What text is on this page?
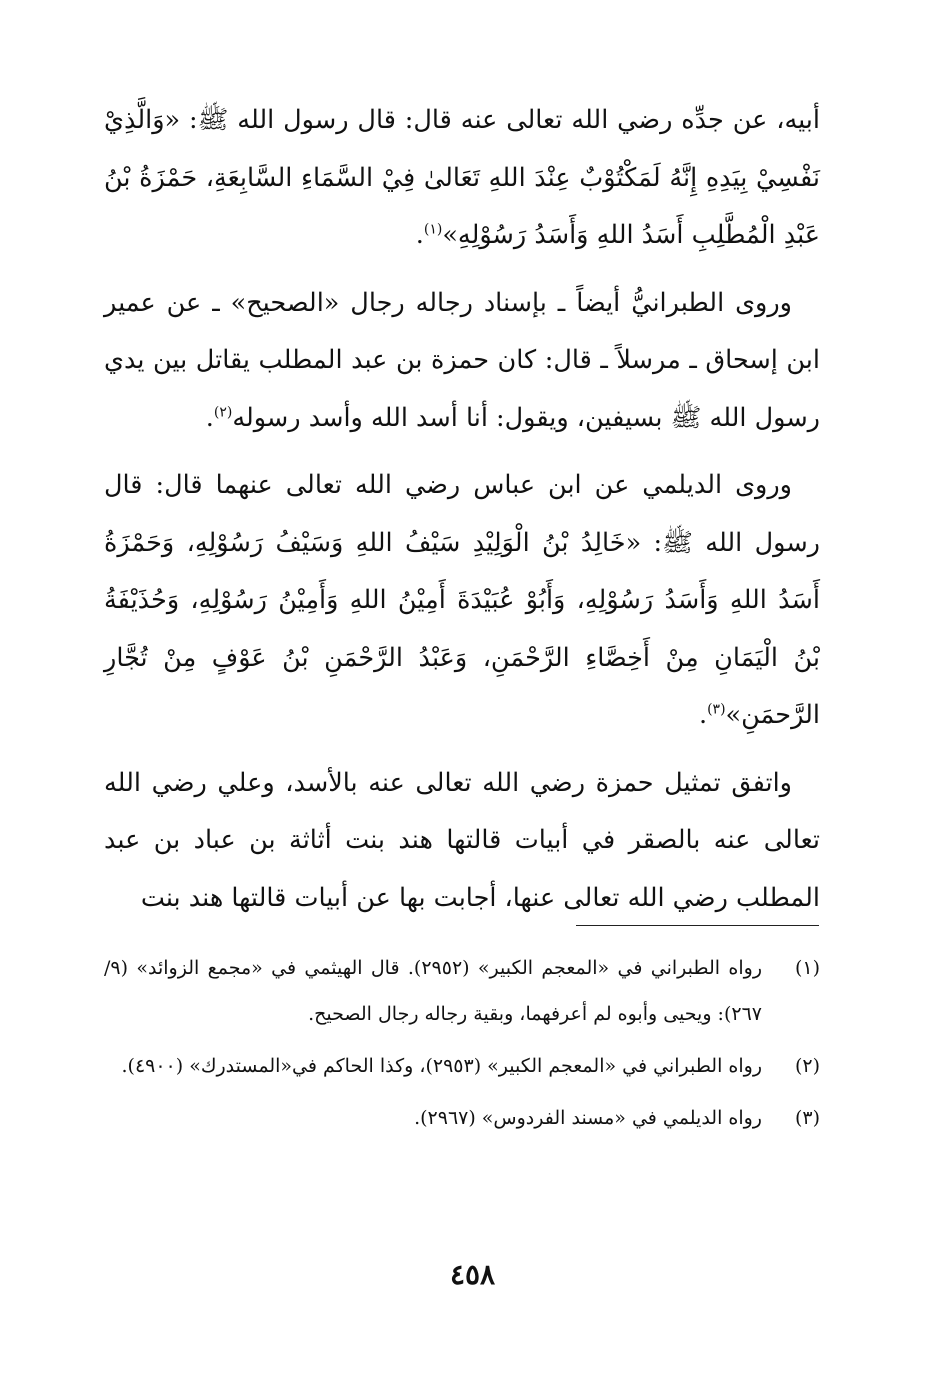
أبيه، عن جدِّه رضي الله تعالى عنه قال: قال رسول الله ﷺ: «وَالَّذِيْ نَفْسِيْ بِيَدِهِ إِنَّهُ لَمَكْتُوْبٌ عِنْدَ اللهِ تَعَالىٰ فِيْ السَّمَاءِ السَّابِعَةِ، حَمْزَةُ بْنُ عَبْدِ الْمُطَّلِبِ أَسَدُ اللهِ وَأَسَدُ رَسُوْلِهِ»$^{(١)}$.

وروى الطبرانيُّ أيضاً ـ بإسناد رجاله رجال «الصحيح» ـ عن عمير ابن إسحاق ـ مرسلاً ـ قال: كان حمزة بن عبد المطلب يقاتل بين يدي رسول الله ﷺ بسيفين، ويقول: أنا أسد الله وأسد رسوله$^{(٢)}$.

وروى الديلمي عن ابن عباس رضي الله تعالى عنهما قال: قال رسول الله ﷺ: «خَالِدُ بْنُ الْوَلِيْدِ سَيْفُ اللهِ وَسَيْفُ رَسُوْلِهِ، وَحَمْزَةُ أَسَدُ اللهِ وَأَسَدُ رَسُوْلِهِ، وَأَبُوْ عُبَيْدَةَ أَمِيْنُ اللهِ وَأَمِيْنُ رَسُوْلِهِ، وَحُذَيْفَةُ بْنُ الْيَمَانِ مِنْ أَخِصَّاءِ الرَّحْمَنِ، وَعَبْدُ الرَّحْمَنِ بْنُ عَوْفٍ مِنْ تُجَّارِ الرَّحمَنِ»$^{(٣)}$.

واتفق تمثيل حمزة رضي الله تعالى عنه بالأسد، وعلي رضي الله تعالى عنه بالصقر في أبيات قالتها هند بنت أثاثة بن عباد بن عبد المطلب رضي الله تعالى عنها، أجابت بها عن أبيات قالتها هند بنت

(١)
رواه الطبراني في «المعجم الكبير» (٢٩٥٢). قال الهيثمي في «مجمع الزوائد» (٩/ ٢٦٧): ويحيى وأبوه لم أعرفهما، وبقية رجاله رجال الصحيح.

(٢)
رواه الطبراني في «المعجم الكبير» (٢٩٥٣)، وكذا الحاكم في«المستدرك» (٤٩٠٠).

(٣)
رواه الديلمي في «مسند الفردوس» (٢٩٦٧).

٤٥٨
